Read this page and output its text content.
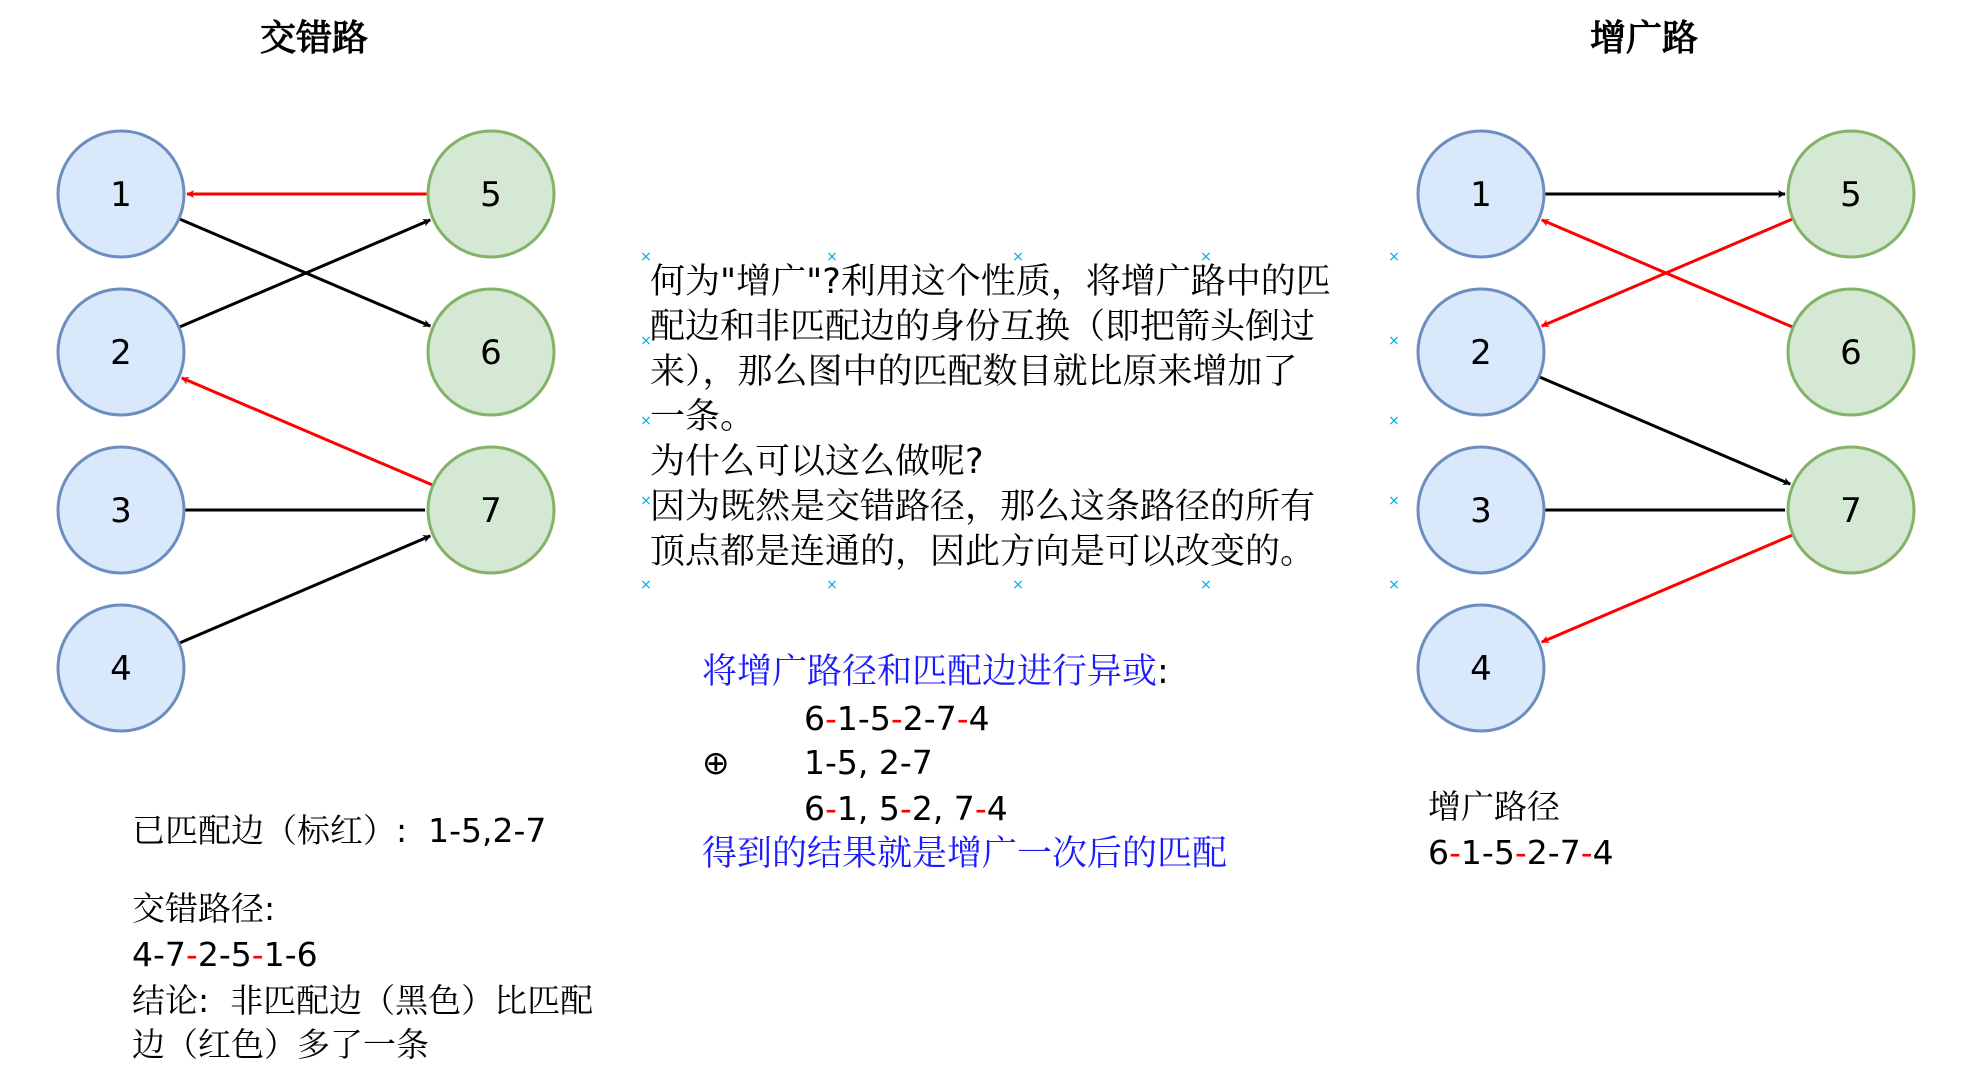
1
2
3
4
5
6
7
1
2
3
4
5
6
7
×
×
×
×
×
×
×
×
×
×
×	×
×	×
×	×
交错路	增广路
何为"增广"?利用这个性质，将增广路中的匹
配边和非匹配边的身份互换（即把箭头倒过
来），那么图中的匹配数目就比原来增加了
一条。
为什么可以这么做呢?
因为既然是交错路径，那么这条路径的所有
顶点都是连通的，因此方向是可以改变的。
将增广路径和匹配边进行异或:
6-1-5-2-7-4
⊕ 1-5, 2-7
6-1, 5-2, 7-4
得到的结果就是增广一次后的匹配
已匹配边（标红）: 1-5,2-7
交错路径:
4-7-2-5-1-6
结论:  非匹配边（黑色）比匹配
边（红色）多了一条
增广路径
6-1-5-2-7-4
